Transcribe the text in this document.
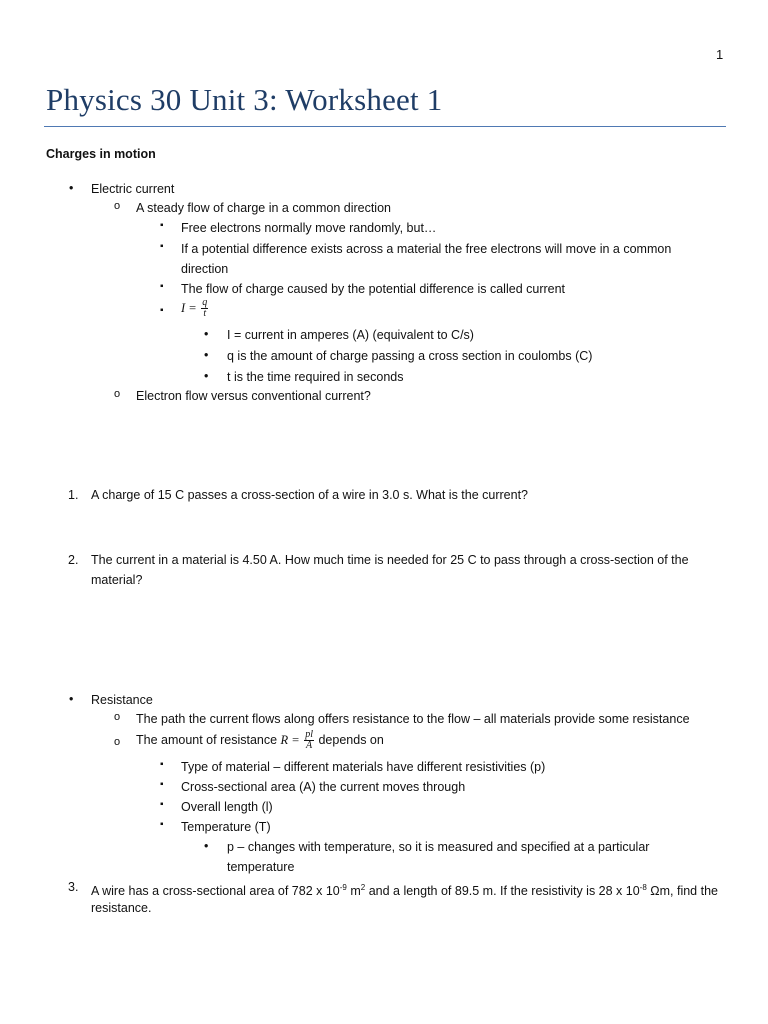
1
Physics 30 Unit 3: Worksheet 1
Charges in motion
• Electric current
o A steady flow of charge in a common direction
▪ Free electrons normally move randomly, but…
▪ If a potential difference exists across a material the free electrons will move in a common
direction
▪ The flow of charge caused by the potential difference is called current
▪ $I = \frac{q}{t}$
• I = current in amperes (A) (equivalent to C/s)
• q is the amount of charge passing a cross section in coulombs (C)
• t is the time required in seconds
o Electron flow versus conventional current?
1. A charge of 15 C passes a cross-section of a wire in 3.0 s. What is the current?
2. The current in a material is 4.50 A. How much time is needed for 25 C to pass through a cross-section of the
material?
• Resistance
o The path the current flows along offers resistance to the flow – all materials provide some resistance
o The amount of resistance $R = \frac{pl}{A}$ depends on
▪ Type of material – different materials have different resistivities (p)
▪ Cross-sectional area (A) the current moves through
▪ Overall length (l)
▪ Temperature (T)
• p – changes with temperature, so it is measured and specified at a particular
temperature
3. A wire has a cross-sectional area of 782 x $10^{-9}$ $m^2$ and a length of 89.5 m. If the resistivity is 28 x $10^{-8}$ Ωm, find the
resistance.
